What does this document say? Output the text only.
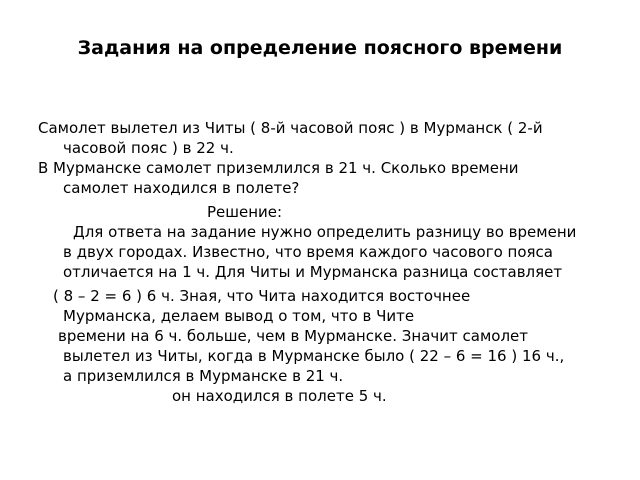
Задания на определение поясного времени
Самолет вылетел из Читы ( 8-й часовой пояс ) в Мурманск ( 2-й
часовой пояс ) в 22 ч.
В Мурманске самолет приземлился в 21 ч. Сколько времени
самолет находился в полете?
Решение:
Для ответа на задание нужно определить разницу во времени
в двух городах. Известно, что время каждого часового пояса
отличается на 1 ч. Для Читы и Мурманска разница составляет
( 8 – 2 = 6 ) 6 ч. Зная, что Чита находится восточнее
Мурманска, делаем вывод о том, что в Чите
времени на 6 ч. больше, чем в Мурманске. Значит самолет
вылетел из Читы, когда в Мурманске было ( 22 – 6 = 16 ) 16 ч.,
а приземлился в Мурманске в 21 ч.
он находился в полете 5 ч.
